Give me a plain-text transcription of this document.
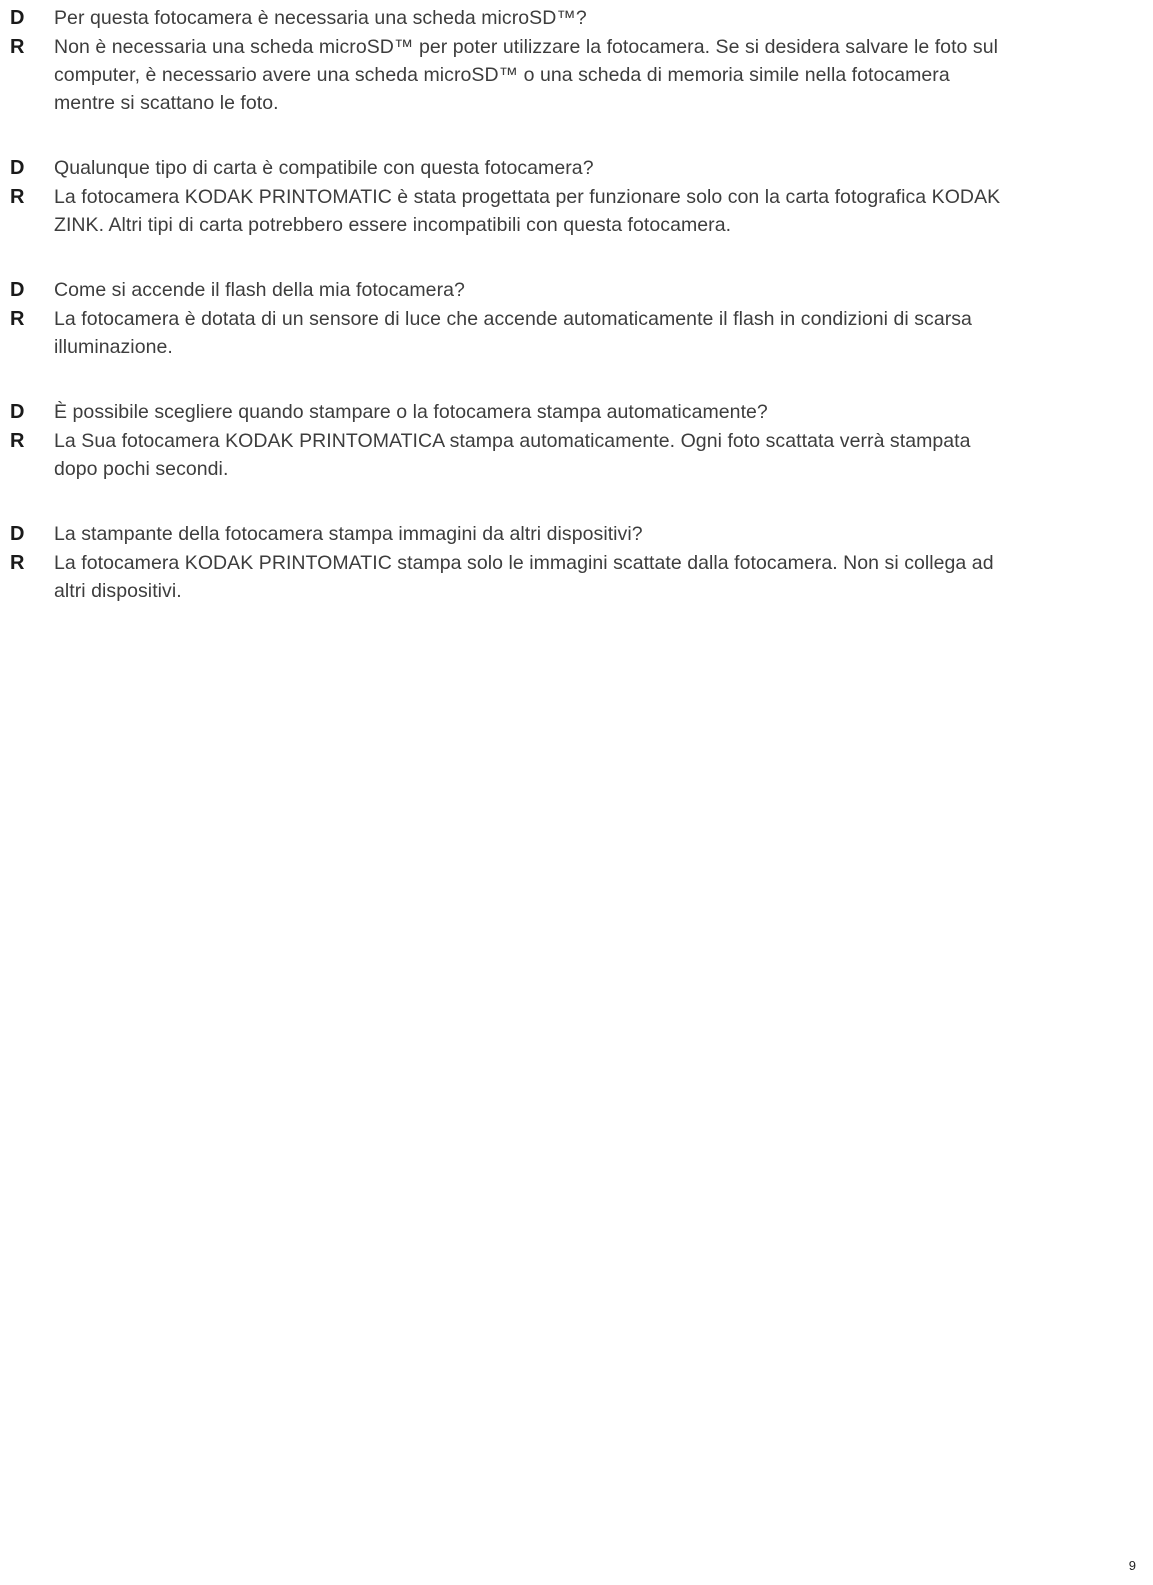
D	Per questa fotocamera è necessaria una scheda microSD™?
R	Non è necessaria una scheda microSD™ per poter utilizzare la fotocamera. Se si desidera salvare le foto sul computer, è necessario avere una scheda microSD™ o una scheda di memoria simile nella fotocamera mentre si scattano le foto.
D	Qualunque tipo di carta è compatibile con questa fotocamera?
R	La fotocamera KODAK PRINTOMATIC è stata progettata per funzionare solo con la carta fotografica KODAK ZINK. Altri tipi di carta potrebbero essere incompatibili con questa fotocamera.
D	Come si accende il flash della mia fotocamera?
R	La fotocamera è dotata di un sensore di luce che accende automaticamente il flash in condizioni di scarsa illuminazione.
D	È possibile scegliere quando stampare o la fotocamera stampa automaticamente?
R	La Sua fotocamera KODAK PRINTOMATICA stampa automaticamente. Ogni foto scattata verrà stampata dopo pochi secondi.
D	La stampante della fotocamera stampa immagini da altri dispositivi?
R	La fotocamera KODAK PRINTOMATIC stampa solo le immagini scattate dalla fotocamera. Non si collega ad altri dispositivi.
9
